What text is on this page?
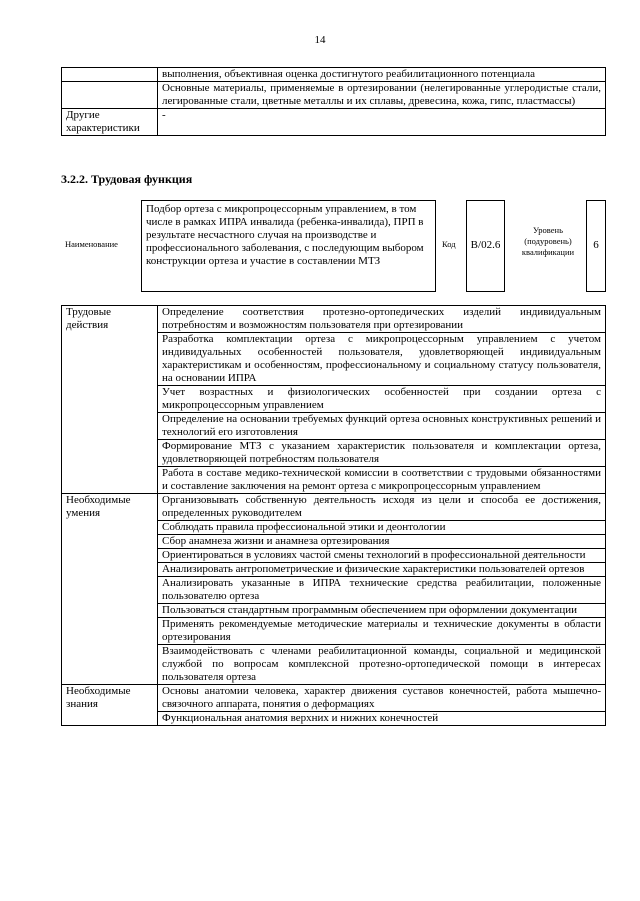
14
	выполнения, объективная оценка достигнутого реабилитационного потенциала
	Основные материалы, применяемые в ортезировании (нелегированные углеродистые стали, легированные стали, цветные металлы и их сплавы, древесина, кожа, гипс, пластмассы)
Другие характеристики	-
3.2.2. Трудовая функция
Наименование
Подбор ортеза с микропроцессорным управлением, в том числе в рамках ИПРА инвалида (ребенка-инвалида), ПРП в результате несчастного случая на производстве и профессионального заболевания, с последующим выбором конструкции ортеза и участие в составлении МТЗ
Код	B/02.6
Уровень (подуровень) квалификации
6
Трудовые действия	Определение соответствия протезно-ортопедических изделий индивидуальным потребностям и возможностям пользователя при ортезировании
	Разработка комплектации ортеза с микропроцессорным управлением с учетом индивидуальных особенностей пользователя, удовлетворяющей индивидуальным характеристикам и особенностям, профессиональному и социальному статусу пользователя, на основании ИПРА
	Учет возрастных и физиологических особенностей при создании ортеза с микропроцессорным управлением
	Определение на основании требуемых функций ортеза основных конструктивных решений и технологий его изготовления
	Формирование МТЗ с указанием характеристик пользователя и комплектации ортеза, удовлетворяющей потребностям пользователя
	Работа в составе медико-технической комиссии в соответствии с трудовыми обязанностями и составление заключения на ремонт ортеза с микропроцессорным управлением
Необходимые умения	Организовывать собственную деятельность исходя из цели и способа ее достижения, определенных руководителем
	Соблюдать правила профессиональной этики и деонтологии
	Сбор анамнеза жизни и анамнеза ортезирования
	Ориентироваться в условиях частой смены технологий в профессиональной деятельности
	Анализировать антропометрические и физические характеристики пользователей ортезов
	Анализировать указанные в ИПРА технические средства реабилитации, положенные пользователю ортеза
	Пользоваться стандартным программным обеспечением при оформлении документации
	Применять рекомендуемые методические материалы и технические документы в области ортезирования
	Взаимодействовать с членами реабилитационной команды, социальной и медицинской службой по вопросам комплексной протезно-ортопедической помощи в интересах пользователя ортеза
Необходимые знания	Основы анатомии человека, характер движения суставов конечностей, работа мышечно-связочного аппарата, понятия о деформациях
	Функциональная анатомия верхних и нижних конечностей
